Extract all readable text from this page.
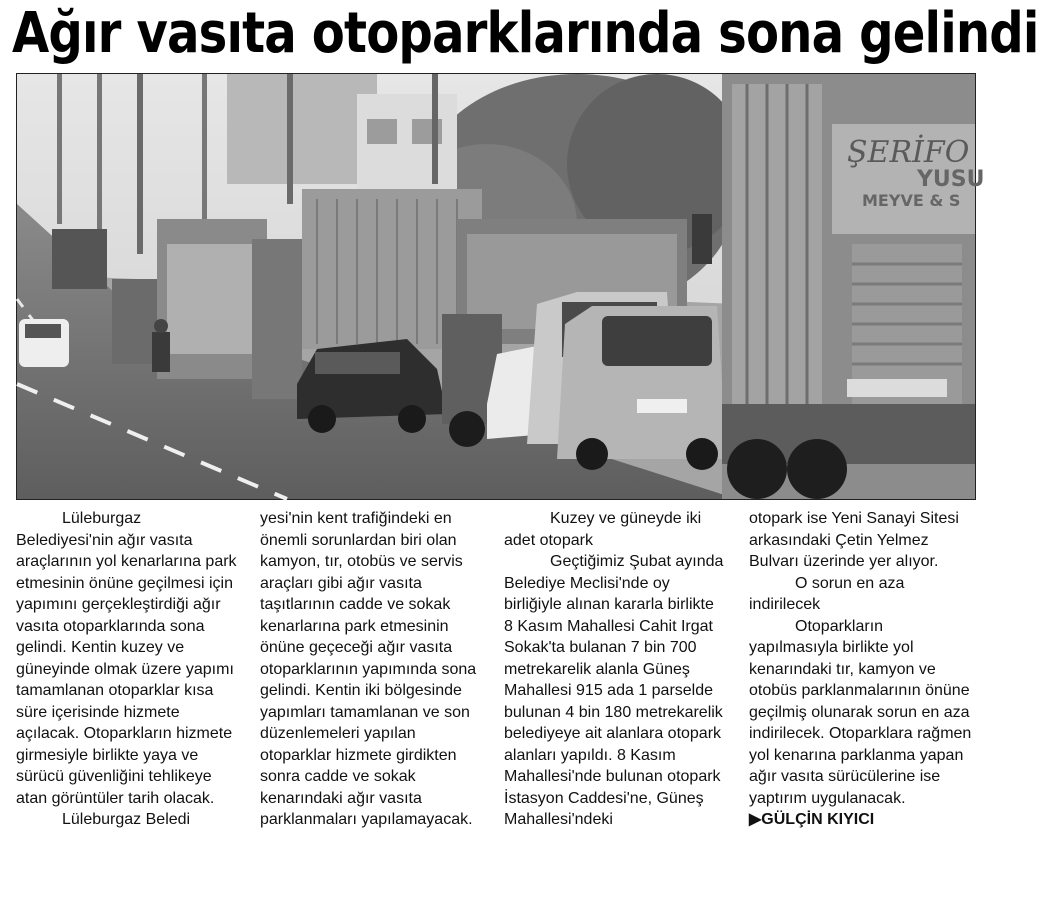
Ağır vasıta otoparklarında sona gelindi
ŞERİFO
YUSU
MEYVE & S

Lüleburgaz Belediyesi'nin ağır vasıta araçlarının yol kenarlarına park etmesinin önüne geçilmesi için yapımını gerçekleştirdiği ağır vasıta otoparklarında sona gelindi. Kentin kuzey ve güneyinde olmak üzere yapımı tamamlanan otoparklar kısa süre içerisinde hizmete açılacak. Otoparkların hizmete girmesiyle birlikte yaya ve sürücü güvenliğini tehlikeye atan görüntüler tarih olacak.

Lüleburgaz Beledi

yesi'nin kent trafiğindeki en önemli sorunlardan biri olan kamyon, tır, otobüs ve servis araçları gibi ağır vasıta taşıtlarının cadde ve sokak kenarlarına park etmesinin önüne geçeceği ağır vasıta otoparklarının yapımında sona gelindi. Kentin iki bölgesinde yapımları tamamlanan ve son düzenlemeleri yapılan otoparklar hizmete girdikten sonra cadde ve sokak kenarındaki ağır vasıta parklanmaları yapılamayacak.

Kuzey ve güneyde iki adet otopark

Geçtiğimiz Şubat ayında Belediye Meclisi'nde oy birliğiyle alınan kararla birlikte 8 Kasım Mahallesi Cahit Irgat Sokak'ta bulanan 7 bin 700 metrekarelik alanla Güneş Mahallesi 915 ada 1 parselde bulunan 4 bin 180 metrekarelik belediyeye ait alanlara otopark alanları yapıldı. 8 Kasım Mahallesi'nde bulunan otopark İstasyon Caddesi'ne, Güneş Mahallesi'ndeki

otopark ise Yeni Sanayi Sitesi arkasındaki Çetin Yelmez Bulvarı üzerinde yer alıyor.

O sorun en aza indirilecek

Otoparkların yapılmasıyla birlikte yol kenarındaki tır, kamyon ve otobüs parklanmalarının önüne geçilmiş olunarak sorun en aza indirilecek. Otoparklara rağmen yol kenarına parklanma yapan ağır vasıta sürücülerine ise yaptırım uygulanacak.

▶GÜLÇİN KIYICI
